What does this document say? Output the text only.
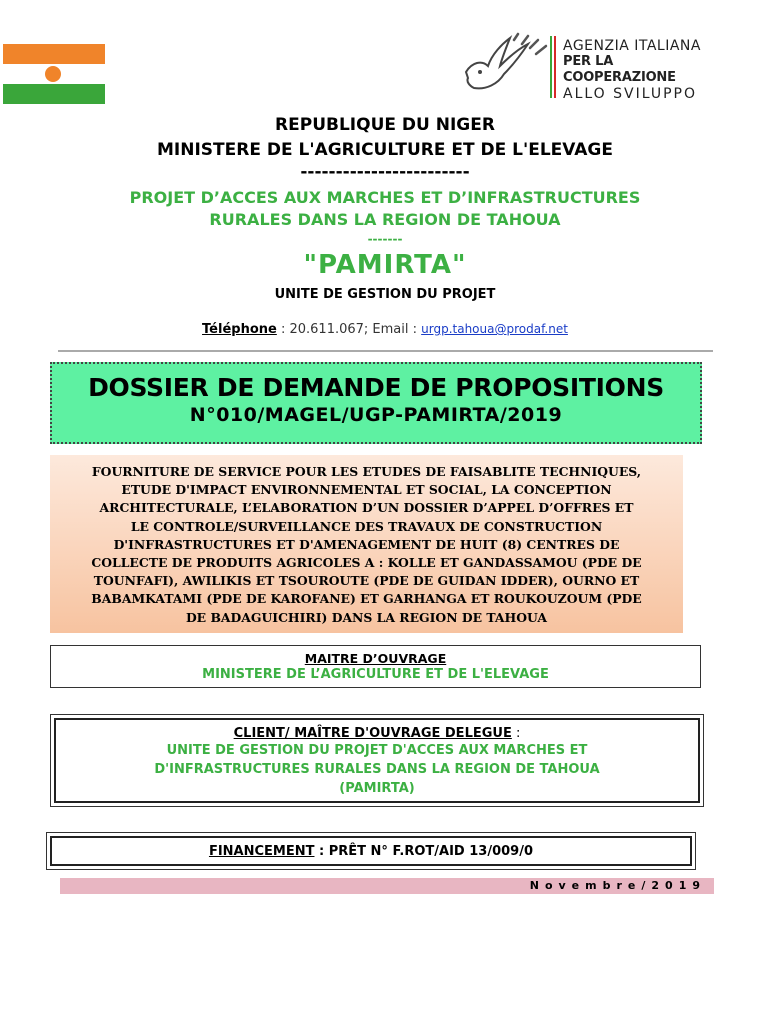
AGENZIA ITALIANA
PER LA COOPERAZIONE
ALLO SVILUPPO
REPUBLIQUE DU NIGER
MINISTERE DE L'AGRICULTURE ET DE L'ELEVAGE
------------------------
PROJET D’ACCES AUX MARCHES ET D’INFRASTRUCTURES
RURALES DANS LA REGION DE TAHOUA
-------
"PAMIRTA"
UNITE DE GESTION DU PROJET
Téléphone : 20.611.067; Email : urgp.tahoua@prodaf.net
DOSSIER DE DEMANDE DE PROPOSITIONS
N°010/MAGEL/UGP-PAMIRTA/2019
FOURNITURE DE SERVICE POUR LES ETUDES DE FAISABLITE TECHNIQUES,
ETUDE D'IMPACT ENVIRONNEMENTAL ET SOCIAL, LA CONCEPTION
ARCHITECTURALE, L’ELABORATION D’UN DOSSIER D’APPEL D’OFFRES ET
LE CONTROLE/SURVEILLANCE DES TRAVAUX DE CONSTRUCTION
D'INFRASTRUCTURES ET D'AMENAGEMENT DE HUIT (8) CENTRES DE
COLLECTE DE PRODUITS AGRICOLES A : KOLLE ET GANDASSAMOU (PDE DE
TOUNFAFI), AWILIKIS ET TSOUROUTE (PDE DE GUIDAN IDDER), OURNO ET
BABAMKATAMI (PDE DE KAROFANE) ET GARHANGA ET ROUKOUZOUM (PDE
DE BADAGUICHIRI) DANS LA REGION DE TAHOUA
MAITRE D’OUVRAGE
MINISTERE DE L’AGRICULTURE ET DE L'ELEVAGE
CLIENT/ MAÎTRE D'OUVRAGE DELEGUE :
UNITE DE GESTION DU PROJET D'ACCES AUX MARCHES ET
D'INFRASTRUCTURES RURALES DANS LA REGION DE TAHOUA
(PAMIRTA)
FINANCEMENT : PRÊT N° F.ROT/AID 13/009/0
Novembre/2019
